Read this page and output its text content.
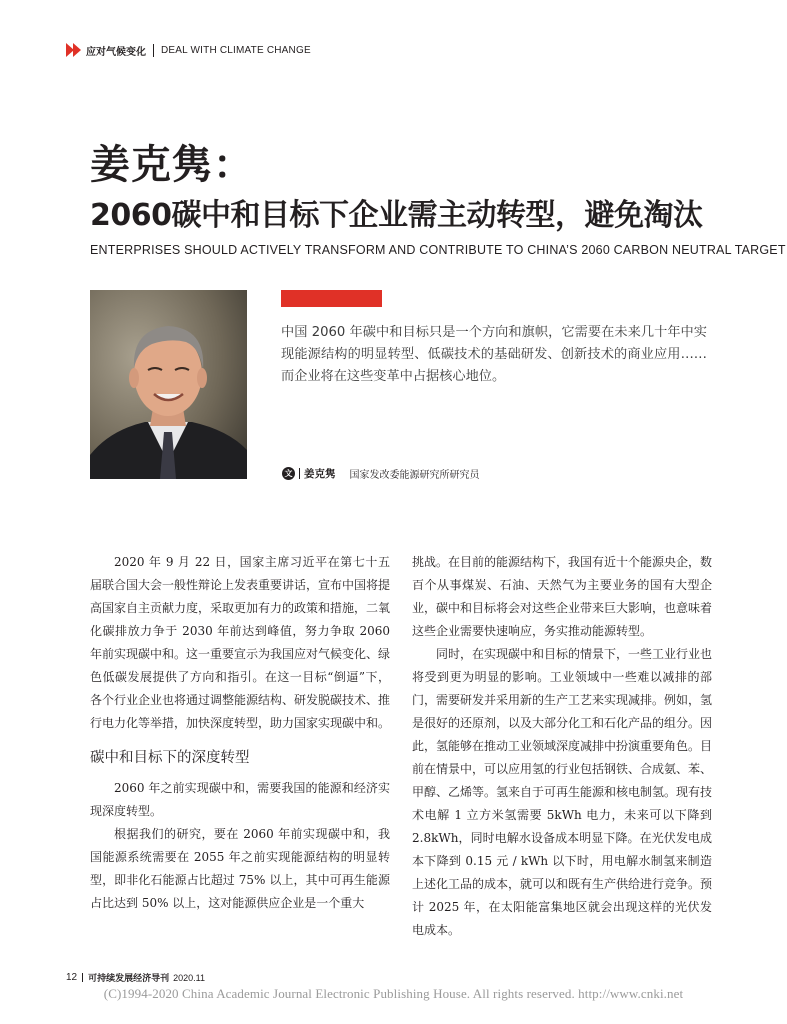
应对气候变化 DEAL WITH CLIMATE CHANGE
姜克隽：
2060碳中和目标下企业需主动转型，避免淘汰
ENTERPRISES SHOULD ACTIVELY TRANSFORM AND CONTRIBUTE TO CHINA’S 2060 CARBON NEUTRAL TARGET

中国 2060 年碳中和目标只是一个方向和旗帜，它需要在未来几十年中实现能源结构的明显转型、低碳技术的基础研发、创新技术的商业应用…… 而企业将在这些变革中占据核心地位。

文 姜克隽 国家发改委能源研究所研究员

2020 年 9 月 22 日，国家主席习近平在第七十五届联合国大会一般性辩论上发表重要讲话，宣布中国将提高国家自主贡献力度，采取更加有力的政策和措施，二氧化碳排放力争于 2030 年前达到峰值，努力争取 2060 年前实现碳中和。这一重要宣示为我国应对气候变化、绿色低碳发展提供了方向和指引。在这一目标“倒逼”下，各个行业企业也将通过调整能源结构、研发脱碳技术、推行电力化等举措，加快深度转型，助力国家实现碳中和。

碳中和目标下的深度转型

2060 年之前实现碳中和，需要我国的能源和经济实现深度转型。

根据我们的研究，要在 2060 年前实现碳中和，我国能源系统需要在 2055 年之前实现能源结构的明显转型，即非化石能源占比超过 75% 以上，其中可再生能源占比达到 50% 以上，这对能源供应企业是一个重大

挑战。在目前的能源结构下，我国有近十个能源央企，数百个从事煤炭、石油、天然气为主要业务的国有大型企业，碳中和目标将会对这些企业带来巨大影响，也意味着这些企业需要快速响应，务实推动能源转型。

同时，在实现碳中和目标的情景下，一些工业行业也将受到更为明显的影响。工业领域中一些难以减排的部门，需要研发并采用新的生产工艺来实现减排。例如，氢是很好的还原剂，以及大部分化工和石化产品的组分。因此，氢能够在推动工业领域深度减排中扮演重要角色。目前在情景中，可以应用氢的行业包括钢铁、合成氨、苯、甲醇、乙烯等。氢来自于可再生能源和核电制氢。现有技术电解 1 立方米氢需要 5kWh 电力，未来可以下降到 2.8kWh，同时电解水设备成本明显下降。在光伏发电成本下降到 0.15 元 / kWh 以下时，用电解水制氢来制造上述化工品的成本，就可以和既有生产供给进行竞争。预计 2025 年，在太阳能富集地区就会出现这样的光伏发电成本。

12 可持续发展经济导刊 2020.11
(C)1994-2020 China Academic Journal Electronic Publishing House. All rights reserved. http://www.cnki.net
